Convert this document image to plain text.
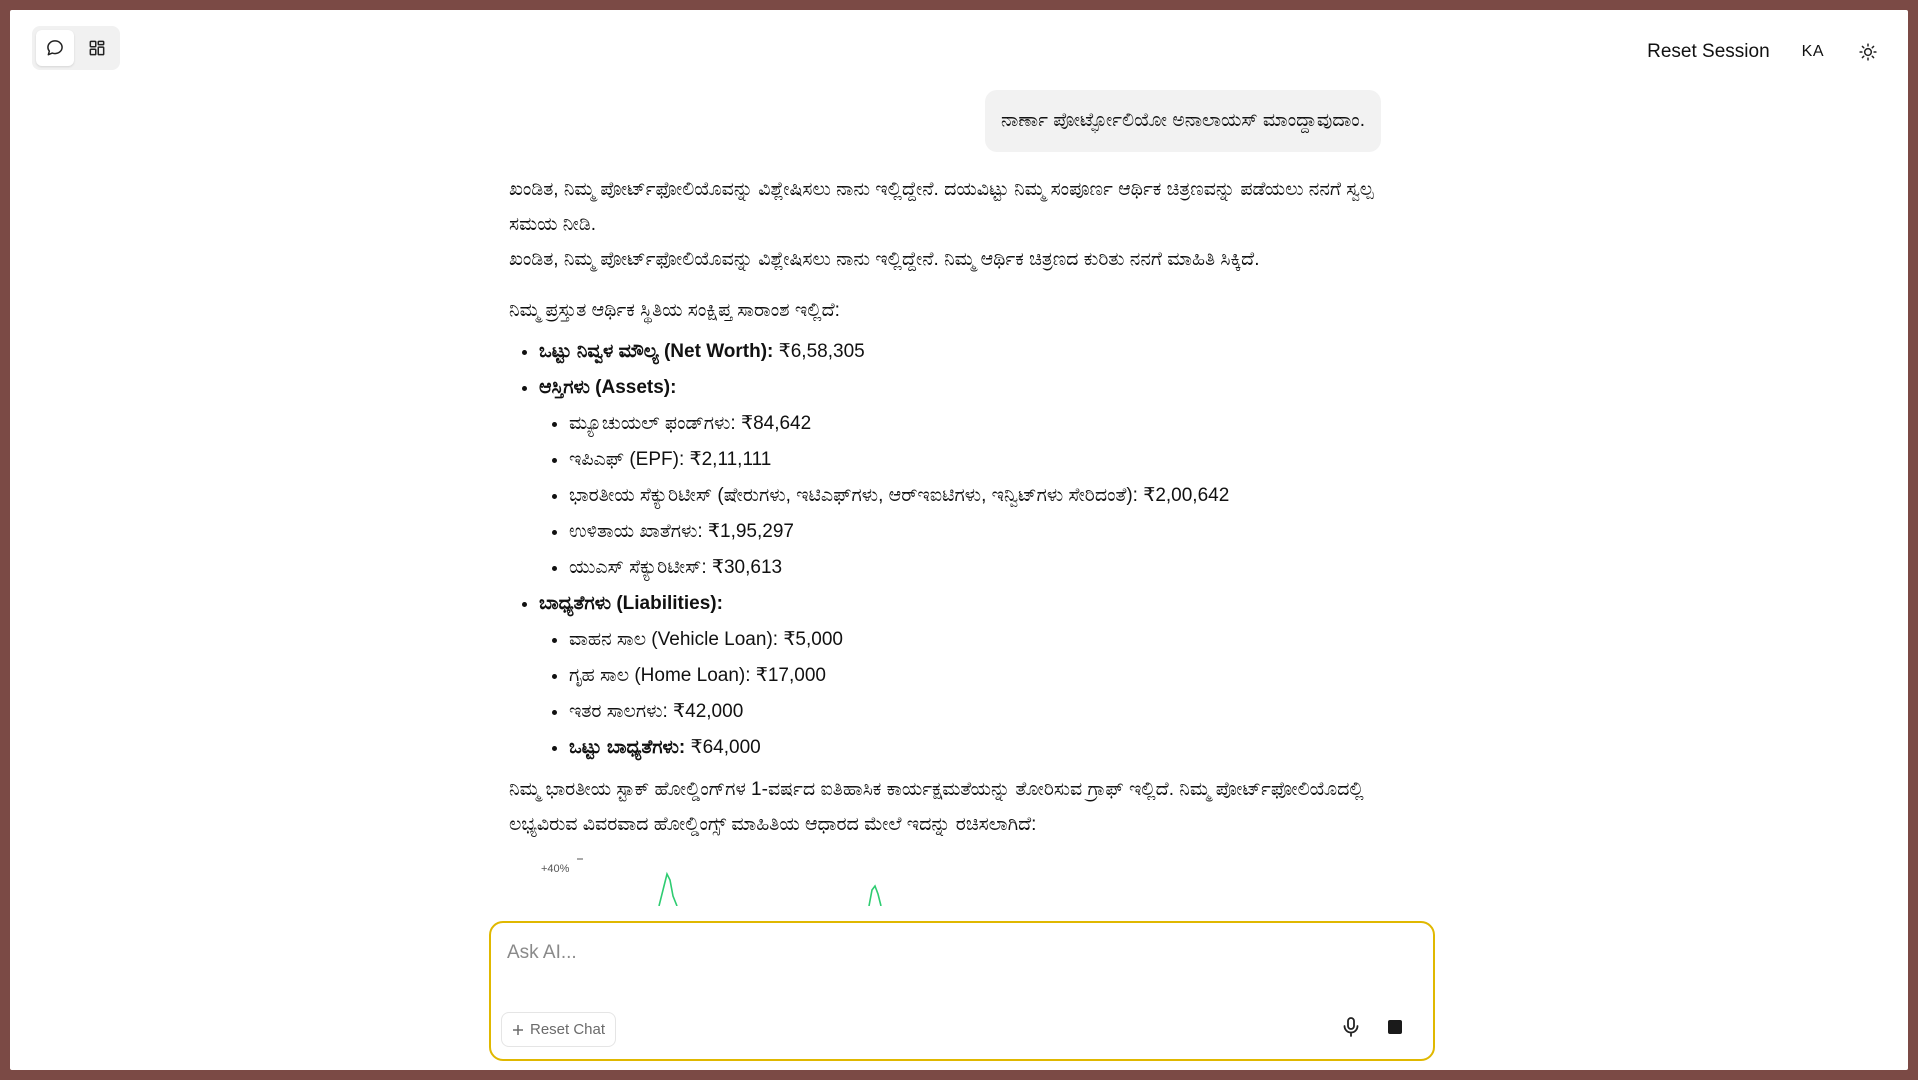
Reset Session KA
ನಾರ್ಣಾ ಪೋರ್ಟ್ಫೋಲಿಯೋ ಅನಾಲಾಯಸ್ ಮಾಂದ್ದಾವುದಾಂ.

ಖಂಡಿತ, ನಿಮ್ಮ ಪೋರ್ಟ್‌ಫೋಲಿಯೊವನ್ನು ವಿಶ್ಲೇಷಿಸಲು ನಾನು ಇಲ್ಲಿದ್ದೇನೆ. ದಯವಿಟ್ಟು ನಿಮ್ಮ ಸಂಪೂರ್ಣ ಆರ್ಥಿಕ ಚಿತ್ರಣವನ್ನು ಪಡೆಯಲು ನನಗೆ ಸ್ವಲ್ಪ ಸಮಯ ನೀಡಿ.

ಖಂಡಿತ, ನಿಮ್ಮ ಪೋರ್ಟ್‌ಫೋಲಿಯೊವನ್ನು ವಿಶ್ಲೇಷಿಸಲು ನಾನು ಇಲ್ಲಿದ್ದೇನೆ. ನಿಮ್ಮ ಆರ್ಥಿಕ ಚಿತ್ರಣದ ಕುರಿತು ನನಗೆ ಮಾಹಿತಿ ಸಿಕ್ಕಿದೆ.

ನಿಮ್ಮ ಪ್ರಸ್ತುತ ಆರ್ಥಿಕ ಸ್ಥಿತಿಯ ಸಂಕ್ಷಿಪ್ತ ಸಾರಾಂಶ ಇಲ್ಲಿದೆ:

• ಒಟ್ಟು ನಿವ್ವಳ ಮೌಲ್ಯ (Net Worth): ₹6,58,305
• ಆಸ್ತಿಗಳು (Assets):
• ಮ್ಯೂಚುಯಲ್ ಫಂಡ್‌ಗಳು: ₹84,642
• ಇಪಿಎಫ್ (EPF): ₹2,11,111
• ಭಾರತೀಯ ಸೆಕ್ಯುರಿಟೀಸ್ (ಷೇರುಗಳು, ಇಟಿಎಫ್‌ಗಳು, ಆರ್‌ಇಐಟಿಗಳು, ಇನ್ವಿಟ್‌ಗಳು ಸೇರಿದಂತೆ): ₹2,00,642
• ಉಳಿತಾಯ ಖಾತೆಗಳು: ₹1,95,297
• ಯುಎಸ್ ಸೆಕ್ಯುರಿಟೀಸ್: ₹30,613
• ಬಾಧ್ಯತೆಗಳು (Liabilities):
• ವಾಹನ ಸಾಲ (Vehicle Loan): ₹5,000
• ಗೃಹ ಸಾಲ (Home Loan): ₹17,000
• ಇತರ ಸಾಲಗಳು: ₹42,000
• ಒಟ್ಟು ಬಾಧ್ಯತೆಗಳು: ₹64,000

ನಿಮ್ಮ ಭಾರತೀಯ ಸ್ಟಾಕ್ ಹೋಲ್ಡಿಂಗ್‌ಗಳ 1-ವರ್ಷದ ಐತಿಹಾಸಿಕ ಕಾರ್ಯಕ್ಷಮತೆಯನ್ನು ತೋರಿಸುವ ಗ್ರಾಫ್ ಇಲ್ಲಿದೆ. ನಿಮ್ಮ ಪೋರ್ಟ್‌ಫೋಲಿಯೊದಲ್ಲಿ ಲಭ್ಯವಿರುವ ವಿವರವಾದ ಹೋಲ್ಡಿಂಗ್ಸ್ ಮಾಹಿತಿಯ ಆಧಾರದ ಮೇಲೆ ಇದನ್ನು ರಚಿಸಲಾಗಿದೆ:

+40%
Ask AI...
Reset Chat
